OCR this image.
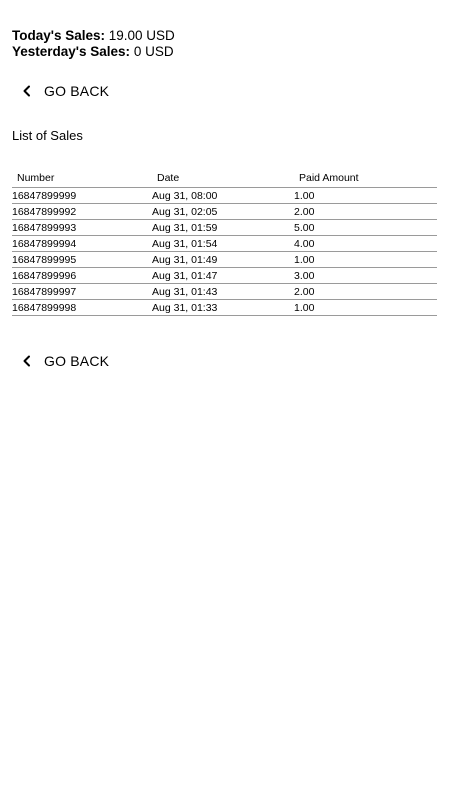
Today's Sales: 19.00 USD
Yesterday's Sales: 0 USD
GO BACK
List of Sales
Number	Date	Paid Amount
16847899999	Aug 31, 08:00	1.00
16847899992	Aug 31, 02:05	2.00
16847899993	Aug 31, 01:59	5.00
16847899994	Aug 31, 01:54	4.00
16847899995	Aug 31, 01:49	1.00
16847899996	Aug 31, 01:47	3.00
16847899997	Aug 31, 01:43	2.00
16847899998	Aug 31, 01:33	1.00
GO BACK
